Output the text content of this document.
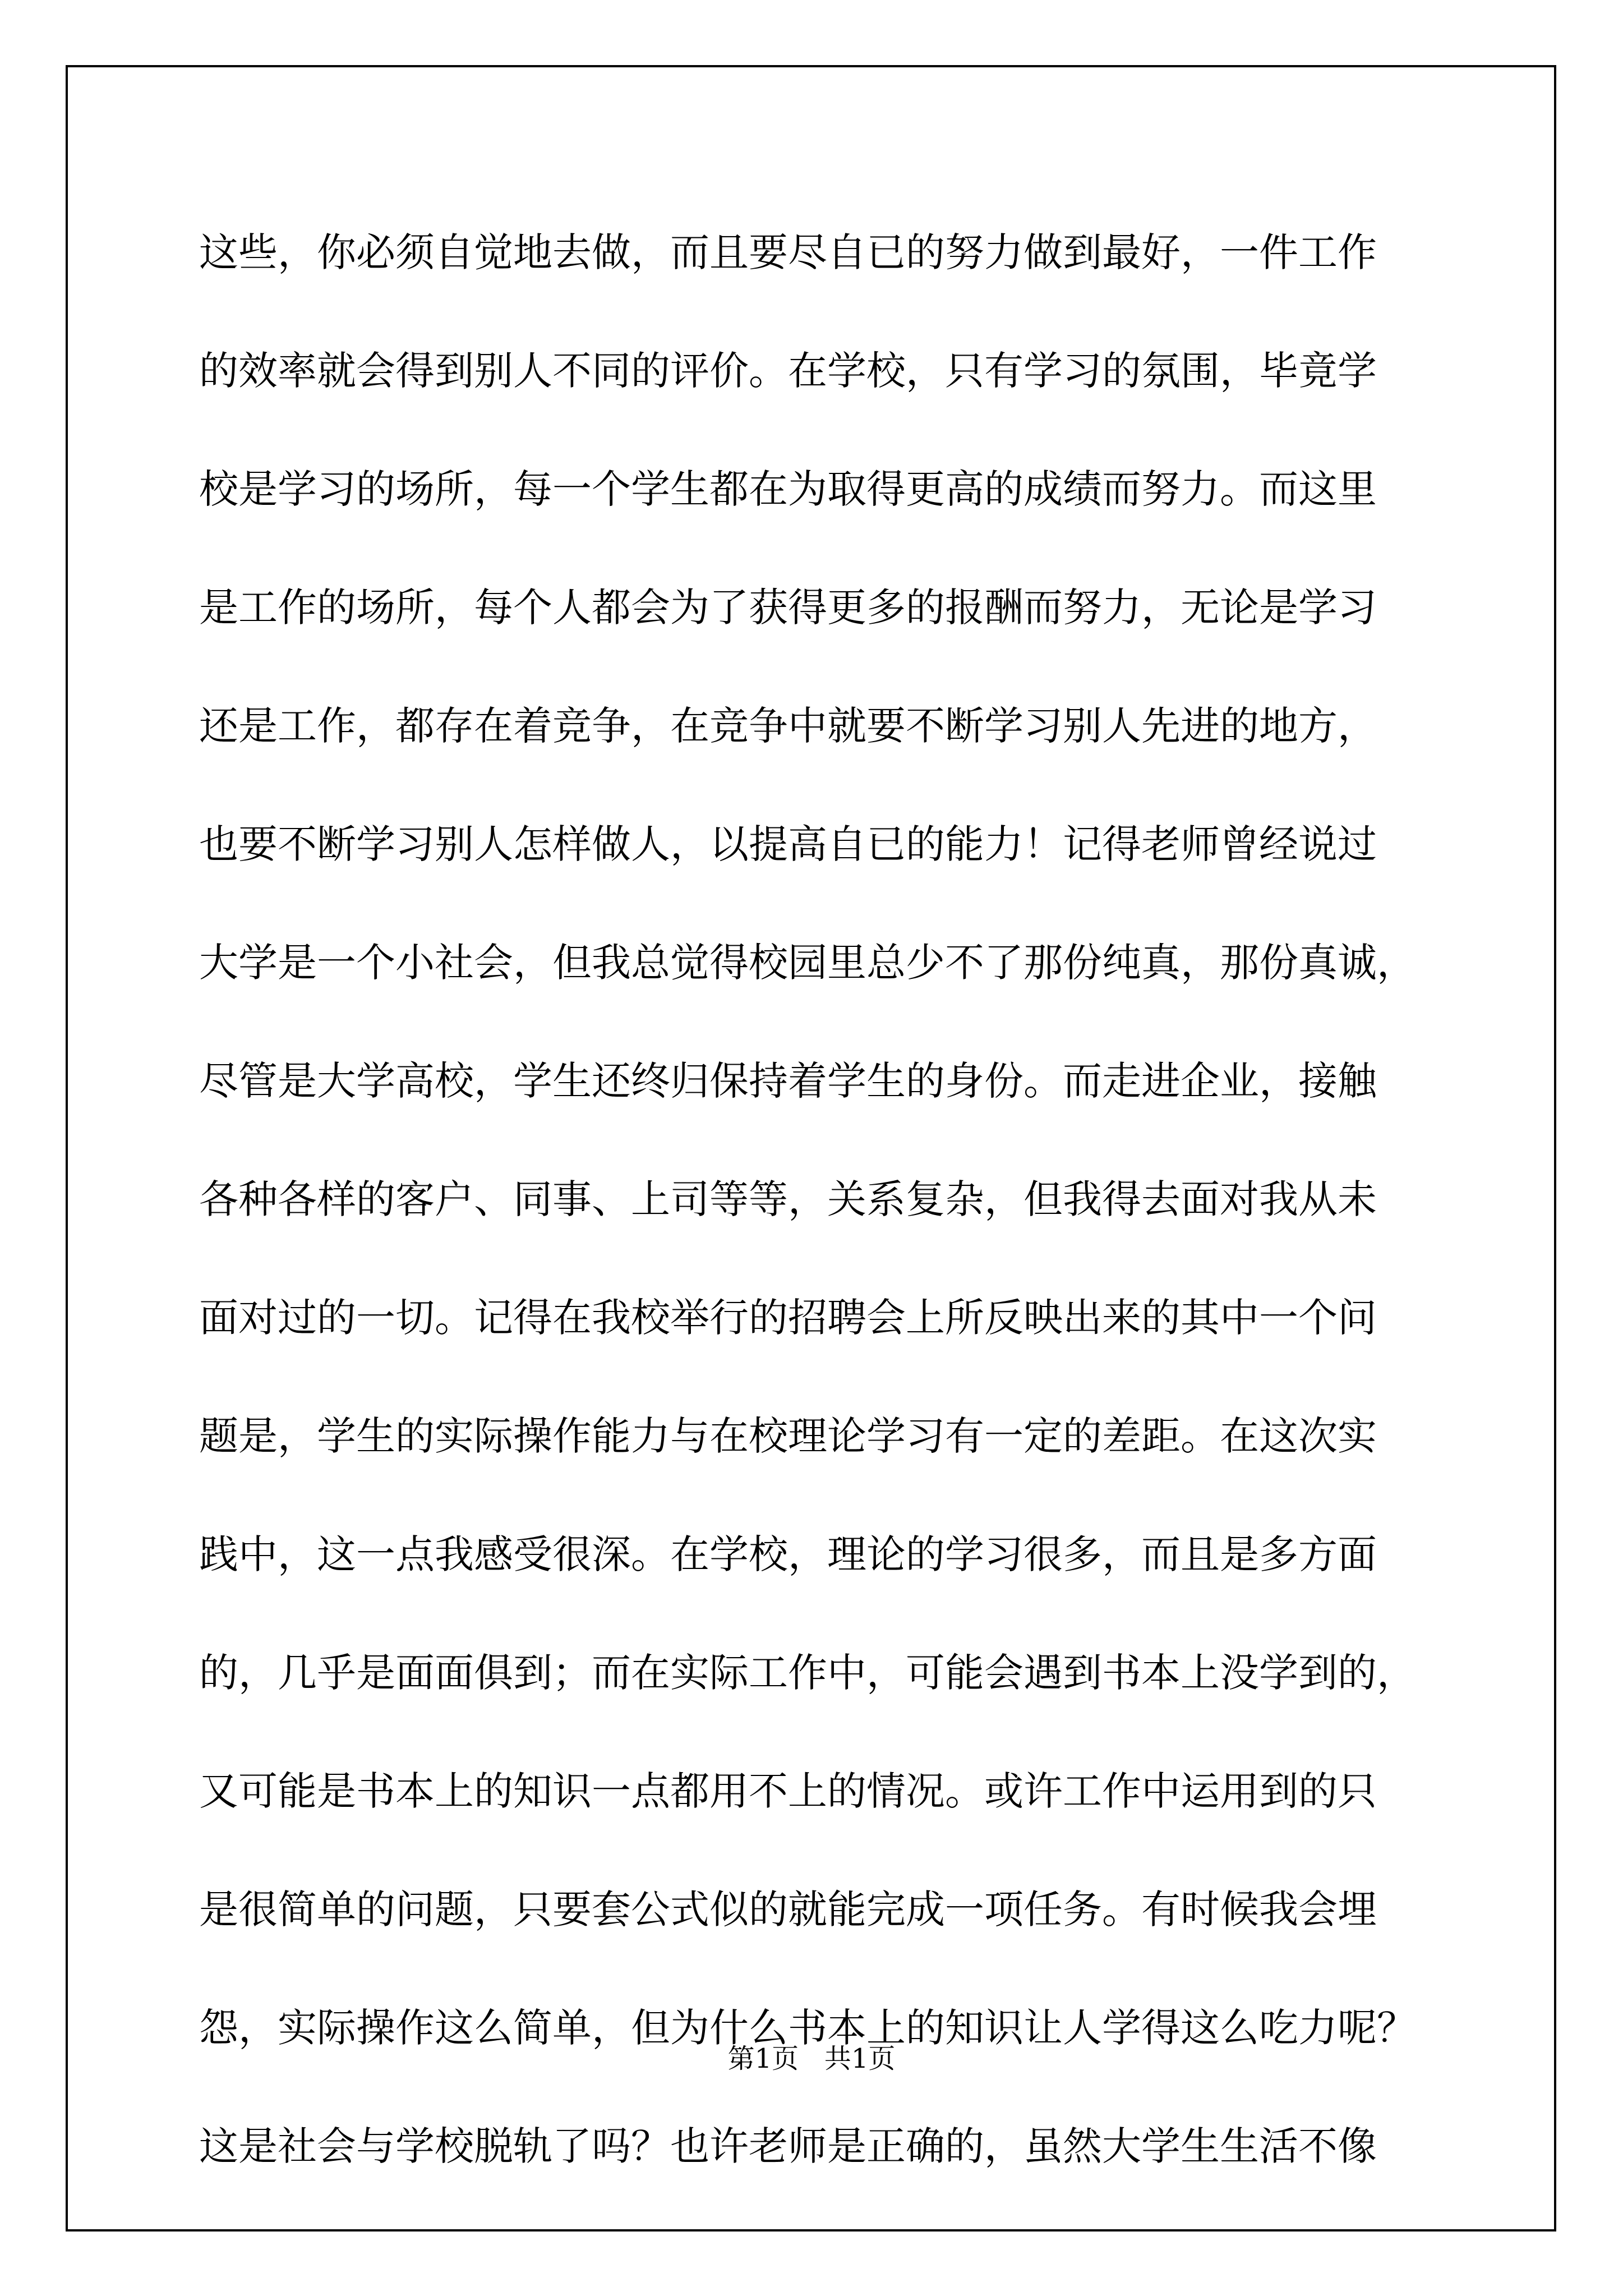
这些，你必须自觉地去做，而且要尽自已的努力做到最好，一件工作
的效率就会得到别人不同的评价。在学校，只有学习的氛围，毕竟学
校是学习的场所，每一个学生都在为取得更高的成绩而努力。而这里
是工作的场所，每个人都会为了获得更多的报酬而努力，无论是学习
还是工作，都存在着竞争，在竞争中就要不断学习别人先进的地方，
也要不断学习别人怎样做人，以提高自已的能力！记得老师曾经说过
大学是一个小社会，但我总觉得校园里总少不了那份纯真，那份真诚，
尽管是大学高校，学生还终归保持着学生的身份。而走进企业，接触
各种各样的客户、同事、上司等等，关系复杂，但我得去面对我从未
面对过的一切。记得在我校举行的招聘会上所反映出来的其中一个问
题是，学生的实际操作能力与在校理论学习有一定的差距。在这次实
践中，这一点我感受很深。在学校，理论的学习很多，而且是多方面
的，几乎是面面俱到；而在实际工作中，可能会遇到书本上没学到的，
又可能是书本上的知识一点都用不上的情况。或许工作中运用到的只
是很简单的问题，只要套公式似的就能完成一项任务。有时候我会埋
怨，实际操作这么简单，但为什么书本上的知识让人学得这么吃力呢？
这是社会与学校脱轨了吗？也许老师是正确的，虽然大学生生活不像
第1页   共1页
